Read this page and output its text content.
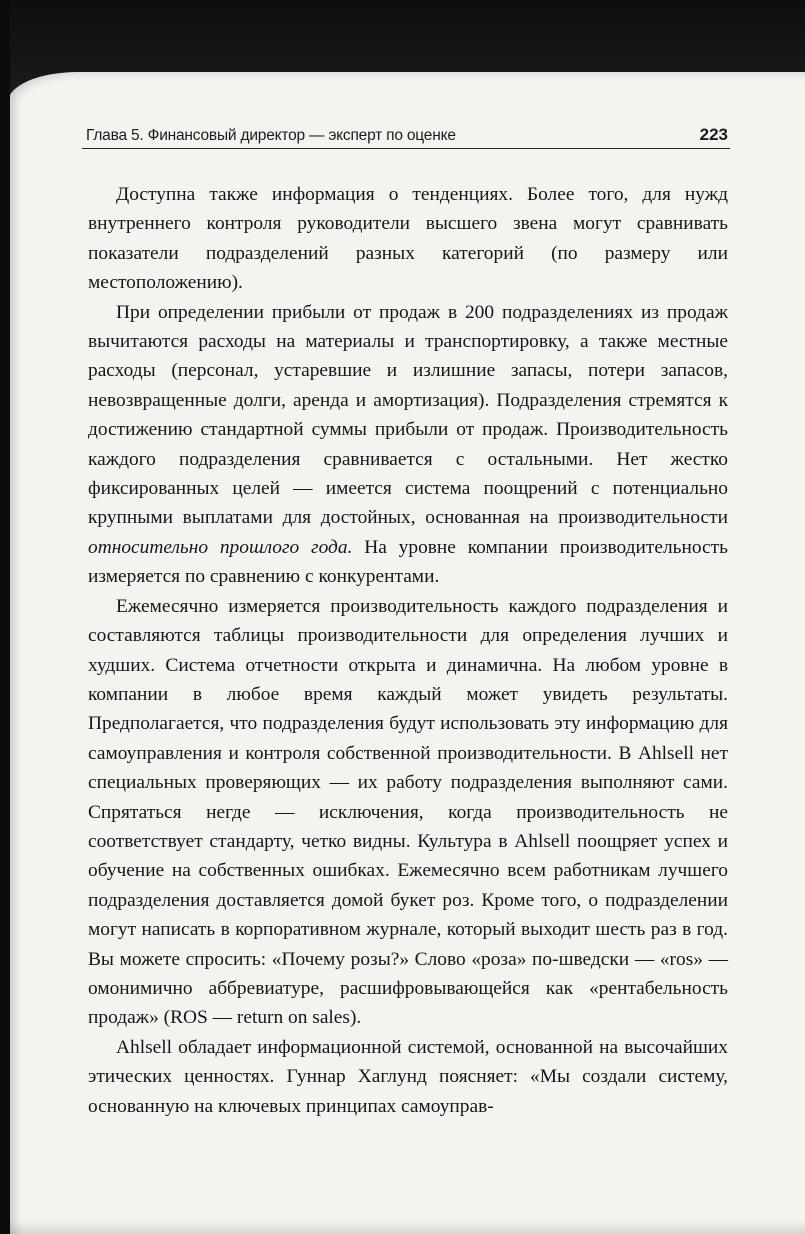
Глава 5. Финансовый директор — эксперт по оценке	223

Доступна также информация о тенденциях. Более того, для нужд внутреннего контроля руководители высшего звена могут сравнивать показатели подразделений разных категорий (по размеру или местоположению).

При определении прибыли от продаж в 200 подразделениях из продаж вычитаются расходы на материалы и транспортировку, а также местные расходы (персонал, устаревшие и излишние запасы, потери запасов, невозвращенные долги, аренда и амортизация). Подразделения стремятся к достижению стандартной суммы прибыли от продаж. Производительность каждого подразделения сравнивается с остальными. Нет жестко фиксированных целей — имеется система поощрений с потенциально крупными выплатами для достойных, основанная на производительности относительно прошлого года. На уровне компании производительность измеряется по сравнению с конкурентами.

Ежемесячно измеряется производительность каждого подразделения и составляются таблицы производительности для определения лучших и худших. Система отчетности открыта и динамична. На любом уровне в компании в любое время каждый может увидеть результаты. Предполагается, что подразделения будут использовать эту информацию для самоуправления и контроля собственной производительности. В Ahlsell нет специальных проверяющих — их работу подразделения выполняют сами. Спрятаться негде — исключения, когда производительность не соответствует стандарту, четко видны. Культура в Ahlsell поощряет успех и обучение на собственных ошибках. Ежемесячно всем работникам лучшего подразделения доставляется домой букет роз. Кроме того, о подразделении могут написать в корпоративном журнале, который выходит шесть раз в год. Вы можете спросить: «Почему розы?» Слово «роза» по-шведски — «ros» — омонимично аббревиатуре, расшифровывающейся как «рентабельность продаж» (ROS — return on sales).

Ahlsell обладает информационной системой, основанной на высочайших этических ценностях. Гуннар Хаглунд поясняет: «Мы создали систему, основанную на ключевых принципах самоуправ-
